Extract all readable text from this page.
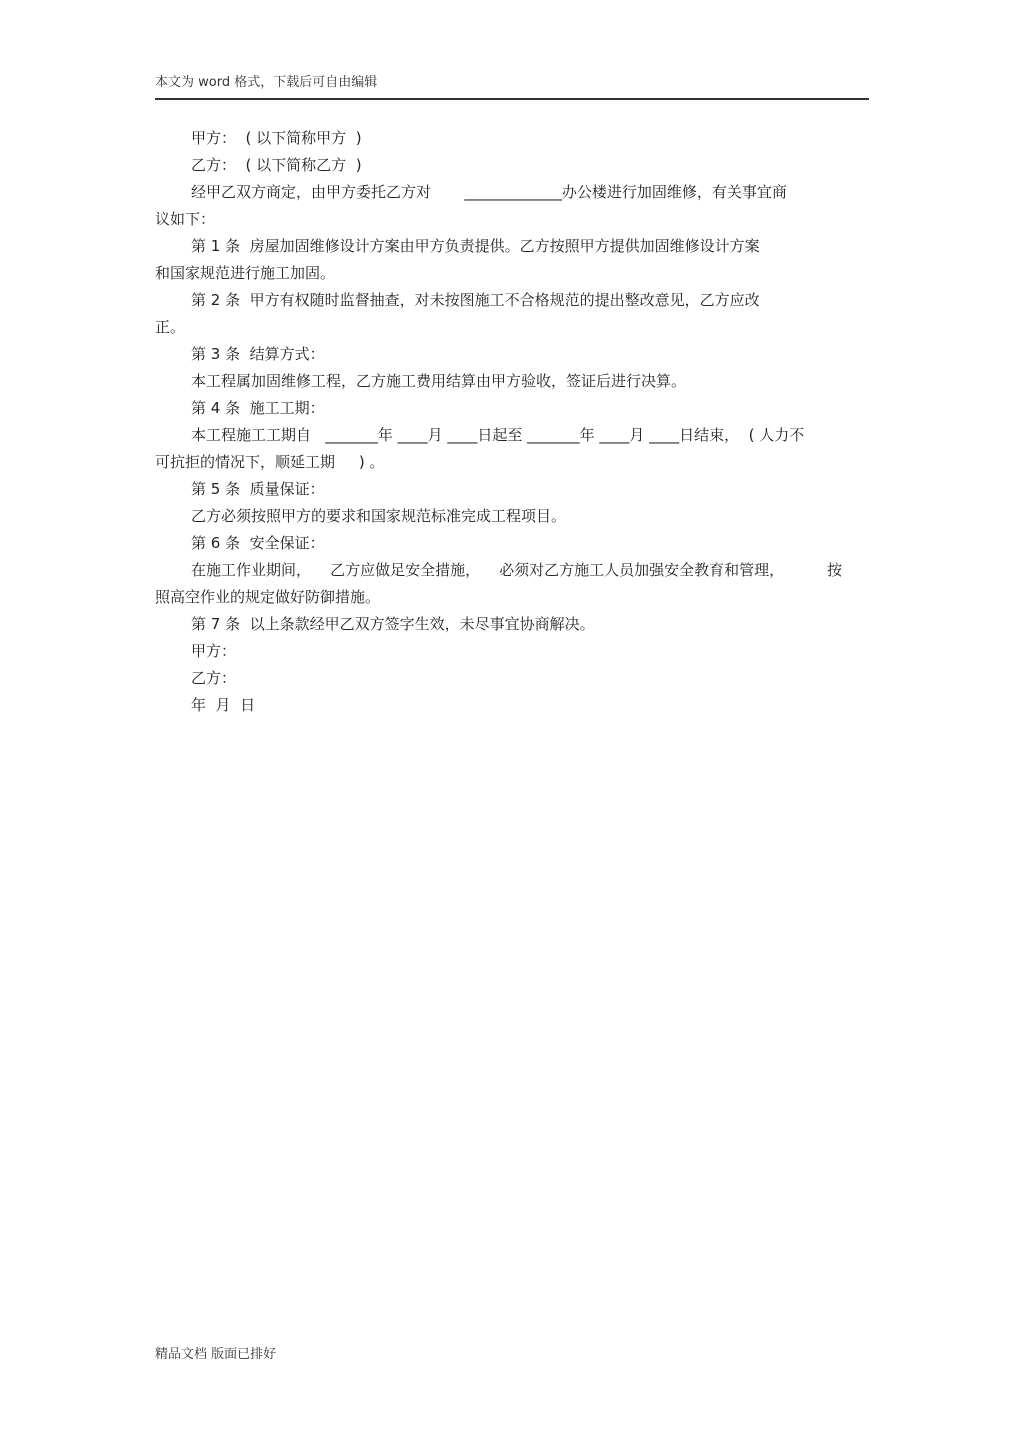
本文为 word 格式，下载后可自由编辑
甲方：  ( 以下简称甲方  )
乙方：  ( 以下简称乙方  )
经甲乙双方商定，由甲方委托乙方对       _____________办公楼进行加固维修，有关事宜商
议如下：
第 1 条  房屋加固维修设计方案由甲方负责提供。乙方按照甲方提供加固维修设计方案
和国家规范进行施工加固。
第 2 条  甲方有权随时监督抽查，对未按图施工不合格规范的提出整改意见，乙方应改
正。
第 3 条  结算方式：
本工程属加固维修工程，乙方施工费用结算由甲方验收，签证后进行决算。
第 4 条  施工工期：
本工程施工工期自   _______年 ____月 ____日起至 _______年 ____月 ____日结束，  ( 人力不
可抗拒的情况下，顺延工期     ) 。
第 5 条  质量保证：
乙方必须按照甲方的要求和国家规范标准完成工程项目。
第 6 条  安全保证：
在施工作业期间，    乙方应做足安全措施，    必须对乙方施工人员加强安全教育和管理，         按
照高空作业的规定做好防御措施。
第 7 条  以上条款经甲乙双方签字生效，未尽事宜协商解决。
甲方：
乙方：
年  月  日
精品文档 版面已排好
